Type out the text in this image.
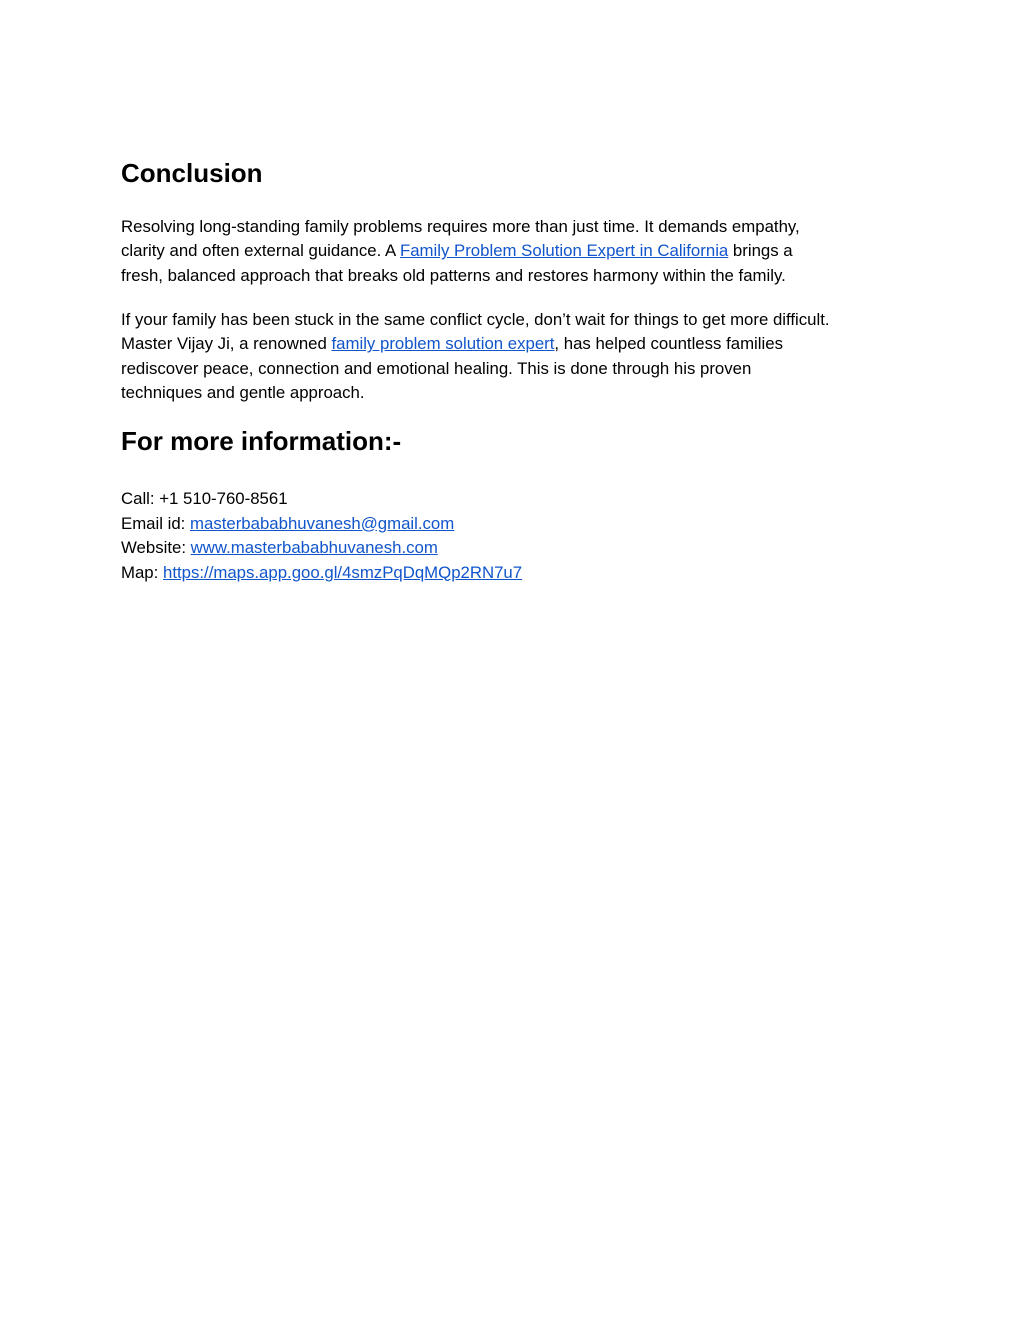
Conclusion

Resolving long-standing family problems requires more than just time. It demands empathy,
clarity and often external guidance. A Family Problem Solution Expert in California brings a
fresh, balanced approach that breaks old patterns and restores harmony within the family.

If your family has been stuck in the same conflict cycle, don’t wait for things to get more difficult.
Master Vijay Ji, a renowned family problem solution expert, has helped countless families
rediscover peace, connection and emotional healing. This is done through his proven
techniques and gentle approach.

For more information:-
Call: +1 510-760-8561
Email id: masterbababhuvanesh@gmail.com
Website: www.masterbababhuvanesh.com
Map: https://maps.app.goo.gl/4smzPqDqMQp2RN7u7
